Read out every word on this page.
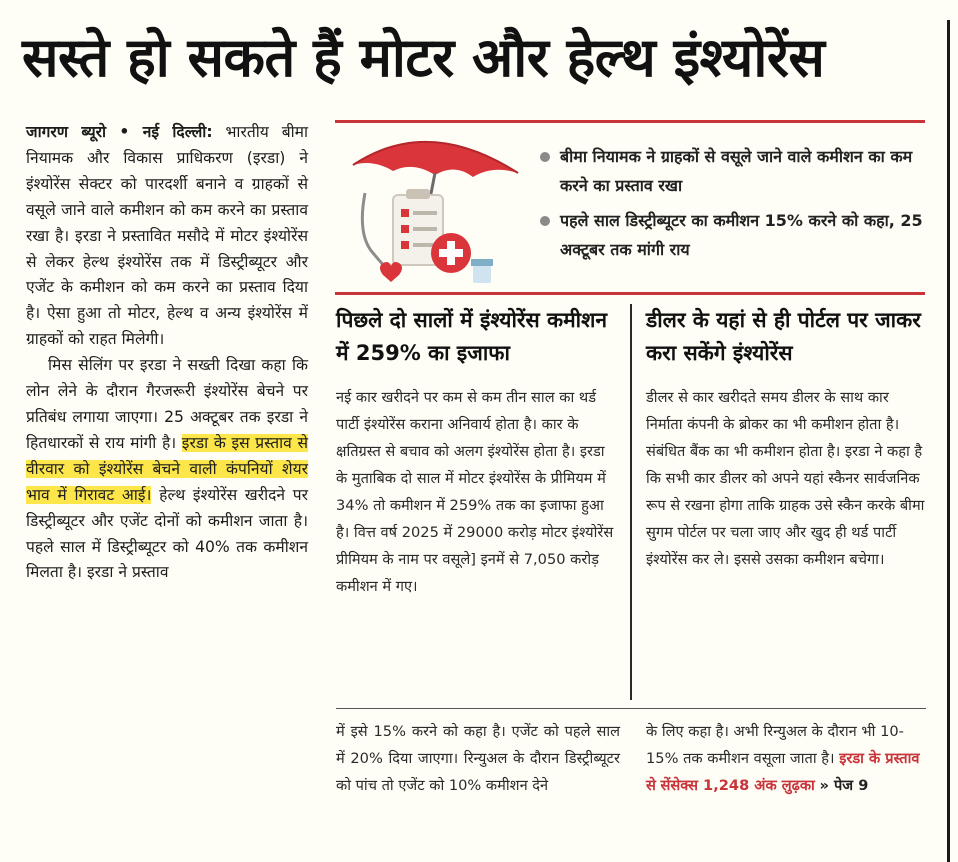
सस्ते हो सकते हैं मोटर और हेल्थ इंश्योरेंस

जागरण ब्यूरो • नई दिल्ली: भारतीय बीमा नियामक और विकास प्राधिकरण (इरडा) ने इंश्योरेंस सेक्टर को पारदर्शी बनाने व ग्राहकों से वसूले जाने वाले कमीशन को कम करने का प्रस्ताव रखा है। इरडा ने प्रस्तावित मसौदे में मोटर इंश्योरेंस से लेकर हेल्थ इंश्योरेंस तक में डिस्ट्रीब्यूटर और एजेंट के कमीशन को कम करने का प्रस्ताव दिया है। ऐसा हुआ तो मोटर, हेल्थ व अन्य इंश्योरेंस में ग्राहकों को राहत मिलेगी।

मिस सेलिंग पर इरडा ने सख्ती दिखा कहा कि लोन लेने के दौरान गैरजरूरी इंश्योरेंस बेचने पर प्रतिबंध लगाया जाएगा। 25 अक्टूबर तक इरडा ने हितधारकों से राय मांगी है। इरडा के इस प्रस्ताव से वीरवार को इंश्योरेंस बेचने वाली कंपनियों शेयर भाव में गिरावट आई। हेल्थ इंश्योरेंस खरीदने पर डिस्ट्रीब्यूटर और एजेंट दोनों को कमीशन जाता है। पहले साल में डिस्ट्रीब्यूटर को 40% तक कमीशन मिलता है। इरडा ने प्रस्ताव

बीमा नियामक ने ग्राहकों से वसूले जाने वाले कमीशन का कम करने का प्रस्ताव रखा
पहले साल डिस्ट्रीब्यूटर का कमीशन 15% करने को कहा, 25 अक्टूबर तक मांगी राय
पिछले दो सालों में इंश्योरेंस कमीशन में 259% का इजाफा
नई कार खरीदने पर कम से कम तीन साल का थर्ड पार्टी इंश्योरेंस कराना अनिवार्य होता है। कार के क्षतिग्रस्त से बचाव को अलग इंश्योरेंस होता है। इरडा के मुताबिक दो साल में मोटर इंश्योरेंस के प्रीमियम में 34% तो कमीशन में 259% तक का इजाफा हुआ है। वित्त वर्ष 2025 में 29000 करोड़ मोटर इंश्योरेंस प्रीमियम के नाम पर वसूले] इनमें से 7,050 करोड़ कमीशन में गए।
डीलर के यहां से ही पोर्टल पर जाकर करा सकेंगे इंश्योरेंस
डीलर से कार खरीदते समय डीलर के साथ कार निर्माता कंपनी के ब्रोकर का भी कमीशन होता है। संबंधित बैंक का भी कमीशन होता है। इरडा ने कहा है कि सभी कार डीलर को अपने यहां स्कैनर सार्वजनिक रूप से रखना होगा ताकि ग्राहक उसे स्कैन करके बीमा सुगम पोर्टल पर चला जाए और खुद ही थर्ड पार्टी इंश्योरेंस कर ले। इससे उसका कमीशन बचेगा।
में इसे 15% करने को कहा है। एजेंट को पहले साल में 20% दिया जाएगा। रिन्युअल के दौरान डिस्ट्रीब्यूटर को पांच तो एजेंट को 10% कमीशन देने
के लिए कहा है। अभी रिन्युअल के दौरान भी 10-15% तक कमीशन वसूला जाता है। इरडा के प्रस्ताव से सेंसेक्स 1,248 अंक लुढ़का » पेज 9
